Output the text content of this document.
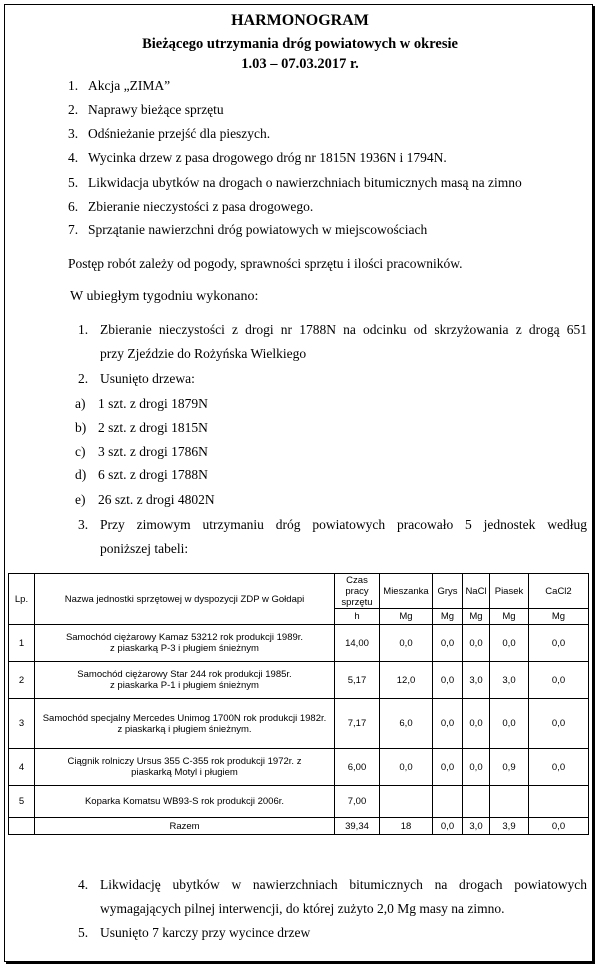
HARMONOGRAM
Bieżącego utrzymania dróg powiatowych w okresie
1.03 – 07.03.2017 r.
1. Akcja „ZIMA”
2. Naprawy bieżące sprzętu
3. Odśnieżanie przejść dla pieszych.
4. Wycinka drzew z pasa drogowego dróg nr 1815N 1936N i 1794N.
5. Likwidacja ubytków na drogach o nawierzchniach bitumicznych masą na zimno
6. Zbieranie nieczystości z pasa drogowego.
7. Sprzątanie nawierzchni dróg powiatowych w miejscowościach
Postęp robót zależy od pogody, sprawności sprzętu i ilości pracowników.
W ubiegłym tygodniu wykonano:
1. Zbieranie nieczystości z drogi nr 1788N na odcinku od skrzyżowania z drogą 651
przy Zjeździe do Rożyńska Wielkiego
2. Usunięto drzewa:
a) 1 szt. z drogi 1879N
b) 2 szt. z drogi 1815N
c) 3 szt. z drogi 1786N
d) 6 szt. z drogi 1788N
e) 26 szt. z drogi 4802N
3. Przy zimowym utrzymaniu dróg powiatowych pracowało 5 jednostek według
poniższej tabeli:
Lp.	Nazwa jednostki sprzętowej w dyspozycji ZDP w Gołdapi	Czas pracy sprzętu	Mieszanka	Grys	NaCl	Piasek	CaCl2
		h	Mg	Mg	Mg	Mg	Mg
1	Samochód ciężarowy Kamaz 53212 rok produkcji 1989r. z piaskarką P-3 i pługiem śnieżnym	14,00	0,0	0,0	0,0	0,0	0,0
2	Samochód ciężarowy Star 244 rok produkcji 1985r. z piaskarka P-1 i pługiem śnieżnym	5,17	12,0	0,0	3,0	3,0	0,0
3	Samochód specjalny Mercedes Unimog 1700N rok produkcji 1982r. z piaskarką i pługiem śnieżnym.	7,17	6,0	0,0	0,0	0,0	0,0
4	Ciągnik rolniczy Ursus 355 C-355 rok produkcji 1972r. z piaskarką Motyl i pługiem	6,00	0,0	0,0	0,0	0,9	0,0
5	Koparka Komatsu WB93-S rok produkcji 2006r.	7,00					
	Razem	39,34	18	0,0	3,0	3,9	0,0
4. Likwidację ubytków w nawierzchniach bitumicznych na drogach powiatowych
wymagających pilnej interwencji, do której zużyto 2,0 Mg masy na zimno.
5. Usunięto 7 karczy przy wycince drzew
